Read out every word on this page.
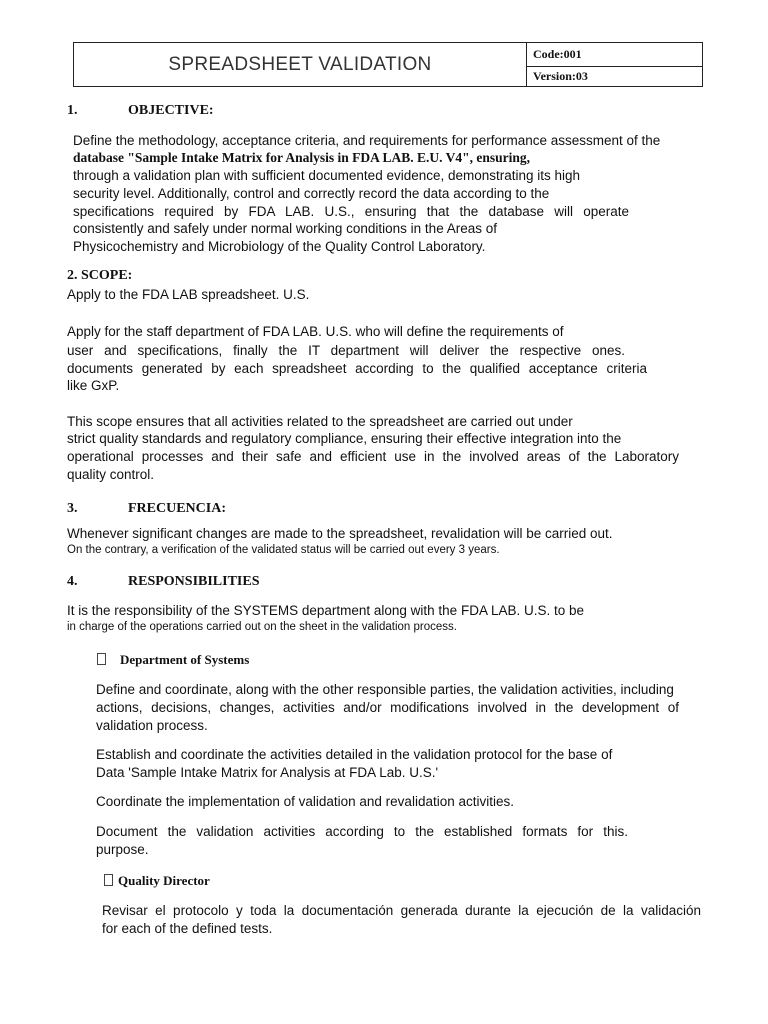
SPREADSHEET VALIDATION	Code:001
Version:03
1.	OBJECTIVE:
Define the methodology, acceptance criteria, and requirements for performance assessment of the
database "Sample Intake Matrix for Analysis in FDA LAB. E.U. V4", ensuring,
through a validation plan with sufficient documented evidence, demonstrating its high
security level. Additionally, control and correctly record the data according to the
specifications required by FDA LAB. U.S., ensuring that the database will operate
consistently and safely under normal working conditions in the Areas of
Physicochemistry and Microbiology of the Quality Control Laboratory.
2. SCOPE:
Apply to the FDA LAB spreadsheet. U.S.
Apply for the staff department of FDA LAB. U.S. who will define the requirements of
user and specifications, finally the IT department will deliver the respective ones.
documents generated by each spreadsheet according to the qualified acceptance criteria
like GxP.
This scope ensures that all activities related to the spreadsheet are carried out under
strict quality standards and regulatory compliance, ensuring their effective integration into the
operational processes and their safe and efficient use in the involved areas of the Laboratory
quality control.
3.	FRECUENCIA:
Whenever significant changes are made to the spreadsheet, revalidation will be carried out.
On the contrary, a verification of the validated status will be carried out every 3 years.
4.	RESPONSIBILITIES
It is the responsibility of the SYSTEMS department along with the FDA LAB. U.S. to be
in charge of the operations carried out on the sheet in the validation process.
Department of Systems
Define and coordinate, along with the other responsible parties, the validation activities, including
actions, decisions, changes, activities and/or modifications involved in the development of
validation process.
Establish and coordinate the activities detailed in the validation protocol for the base of
Data 'Sample Intake Matrix for Analysis at FDA Lab. U.S.'
Coordinate the implementation of validation and revalidation activities.
Document the validation activities according to the established formats for this.
purpose.
Quality Director
Revisar el protocolo y toda la documentación generada durante la ejecución de la validación
for each of the defined tests.
